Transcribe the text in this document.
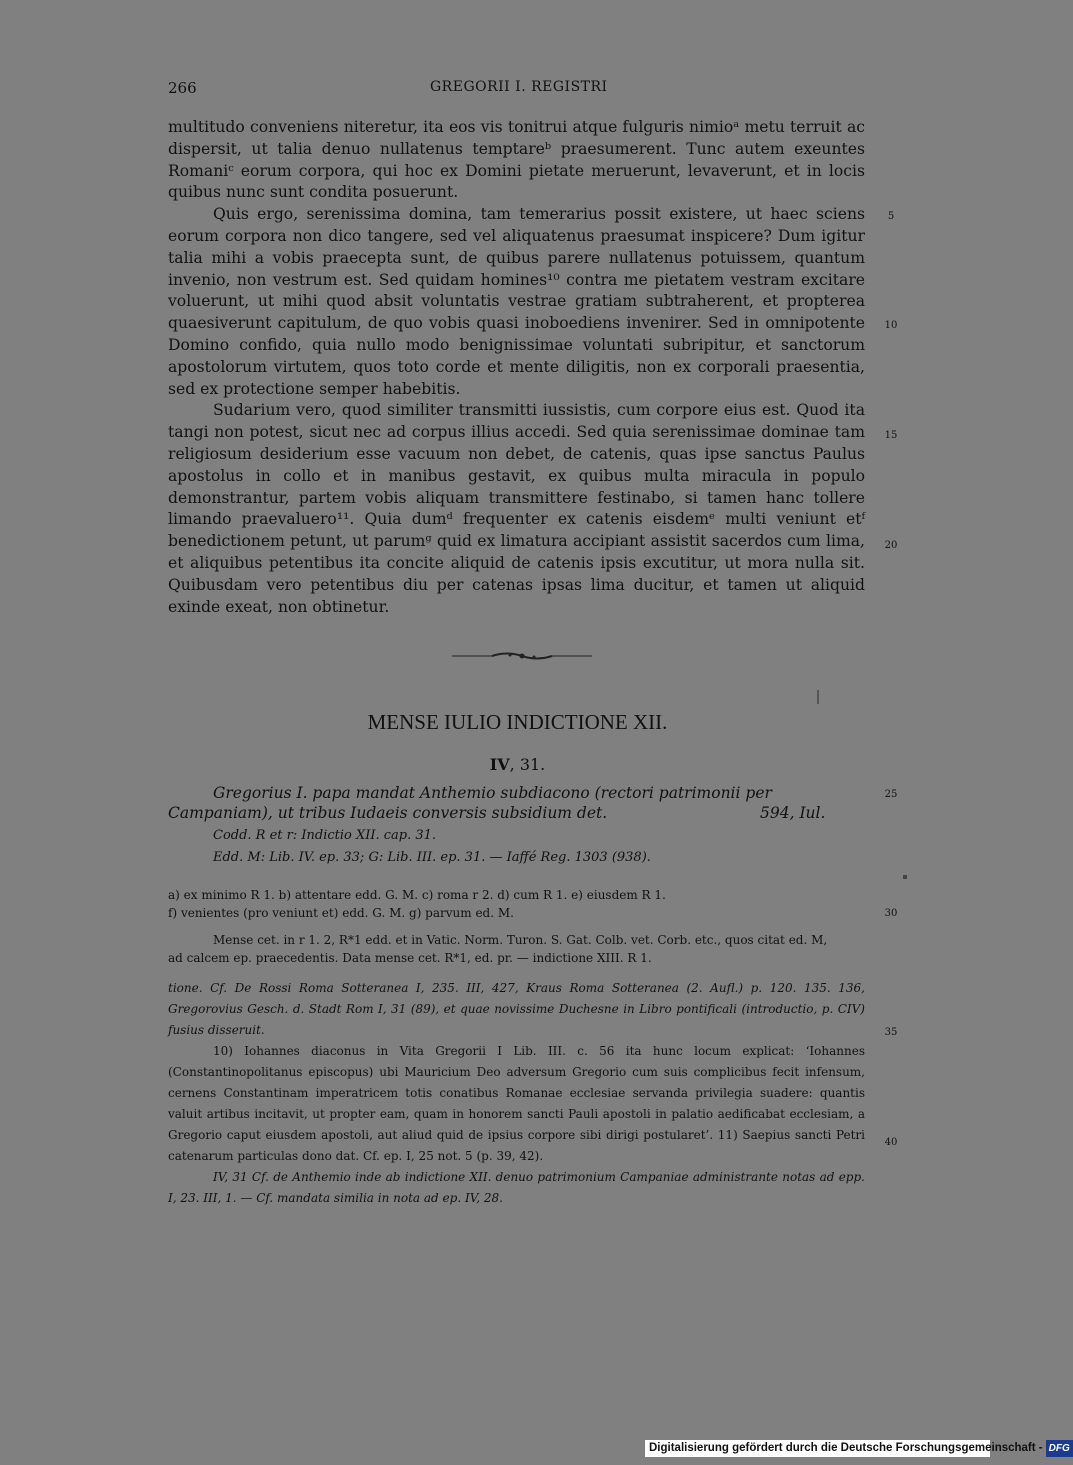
266	GREGORII I. REGISTRI

multitudo conveniens niteretur, ita eos vis tonitrui atque fulguris nimioᵃ metu terruit ac dispersit, ut talia denuo nullatenus temptareᵇ praesumerent. Tunc autem exeuntes Romaniᶜ eorum corpora, qui hoc ex Domini pietate meruerunt, levaverunt, et in locis quibus nunc sunt condita posuerunt.

Quis ergo, serenissima domina, tam temerarius possit existere, ut haec sciens eorum corpora non dico tangere, sed vel aliquatenus praesumat inspicere? Dum igitur talia mihi a vobis praecepta sunt, de quibus parere nullatenus potuissem, quantum invenio, non vestrum est. Sed quidam homines¹⁰ contra me pietatem vestram excitare voluerunt, ut mihi quod absit voluntatis vestrae gratiam subtraherent, et propterea quaesiverunt capitulum, de quo vobis quasi inoboediens invenirer. Sed in omnipotente Domino confido, quia nullo modo benignissimae voluntati subripitur, et sanctorum apostolorum virtutem, quos toto corde et mente diligitis, non ex corporali praesentia, sed ex protectione semper habebitis.

Sudarium vero, quod similiter transmitti iussistis, cum corpore eius est. Quod ita tangi non potest, sicut nec ad corpus illius accedi. Sed quia serenissimae dominae tam religiosum desiderium esse vacuum non debet, de catenis, quas ipse sanctus Paulus apostolus in collo et in manibus gestavit, ex quibus multa miracula in populo demonstrantur, partem vobis aliquam transmittere festinabo, si tamen hanc tollere limando praevaluero¹¹. Quia dumᵈ frequenter ex catenis eisdemᵉ multi veniunt etᶠ benedictionem petunt, ut parumᵍ quid ex limatura accipiant assistit sacerdos cum lima, et aliquibus petentibus ita concite aliquid de catenis ipsis excutitur, ut mora nulla sit. Quibusdam vero petentibus diu per catenas ipsas lima ducitur, et tamen ut aliquid exinde exeat, non obtinetur.

5
10
15
20
MENSE IULIO INDICTIONE XII.
IV, 31.
Gregorius I. papa mandat Anthemio subdiacono (rectori patrimonii per Campaniam), ut tribus Iudaeis conversis subsidium det.	594, Iul.
25
Codd. R et r: Indictio XII. cap. 31.
Edd. M: Lib. IV. ep. 33; G: Lib. III. ep. 31. — Iaffé Reg. 1303 (938).
a) ex minimo R 1. b) attentare edd. G. M. c) roma r 2. d) cum R 1. e) eiusdem R 1.
f) venientes (pro veniunt et) edd. G. M. g) parvum ed. M.	30
Mense cet. in r 1. 2, R*1 edd. et in Vatic. Norm. Turon. S. Gat. Colb. vet. Corb. etc., quos citat ed. M,
ad calcem ep. praecedentis. Data mense cet. R*1, ed. pr. — indictione XIII. R 1.

tione. Cf. De Rossi Roma Sotteranea I, 235. III, 427, Kraus Roma Sotteranea (2. Aufl.) p. 120. 135. 136, Gregorovius Gesch. d. Stadt Rom I, 31 (89), et quae novissime Duchesne in Libro pontificali (introductio, p. CIV) fusius disseruit.

10) Iohannes diaconus in Vita Gregorii I Lib. III. c. 56 ita hunc locum explicat: ‘Iohannes (Constantinopolitanus episcopus) ubi Mauricium Deo adversum Gregorio cum suis complicibus fecit infensum, cernens Constantinam imperatricem totis conatibus Romanae ecclesiae servanda privilegia suadere: quantis valuit artibus incitavit, ut propter eam, quam in honorem sancti Pauli apostoli in palatio aedificabat ecclesiam, a Gregorio caput eiusdem apostoli, aut aliud quid de ipsius corpore sibi dirigi postularet’. 11) Saepius sancti Petri catenarum particulas dono dat. Cf. ep. I, 25 not. 5 (p. 39, 42).

IV, 31 Cf. de Anthemio inde ab indictione XII. denuo patrimonium Campaniae administrante notas ad epp. I, 23. III, 1. — Cf. mandata similia in nota ad ep. IV, 28.

35
40
Digitalisierung gefördert durch die Deutsche Forschungsgemeinschaft - DFG
